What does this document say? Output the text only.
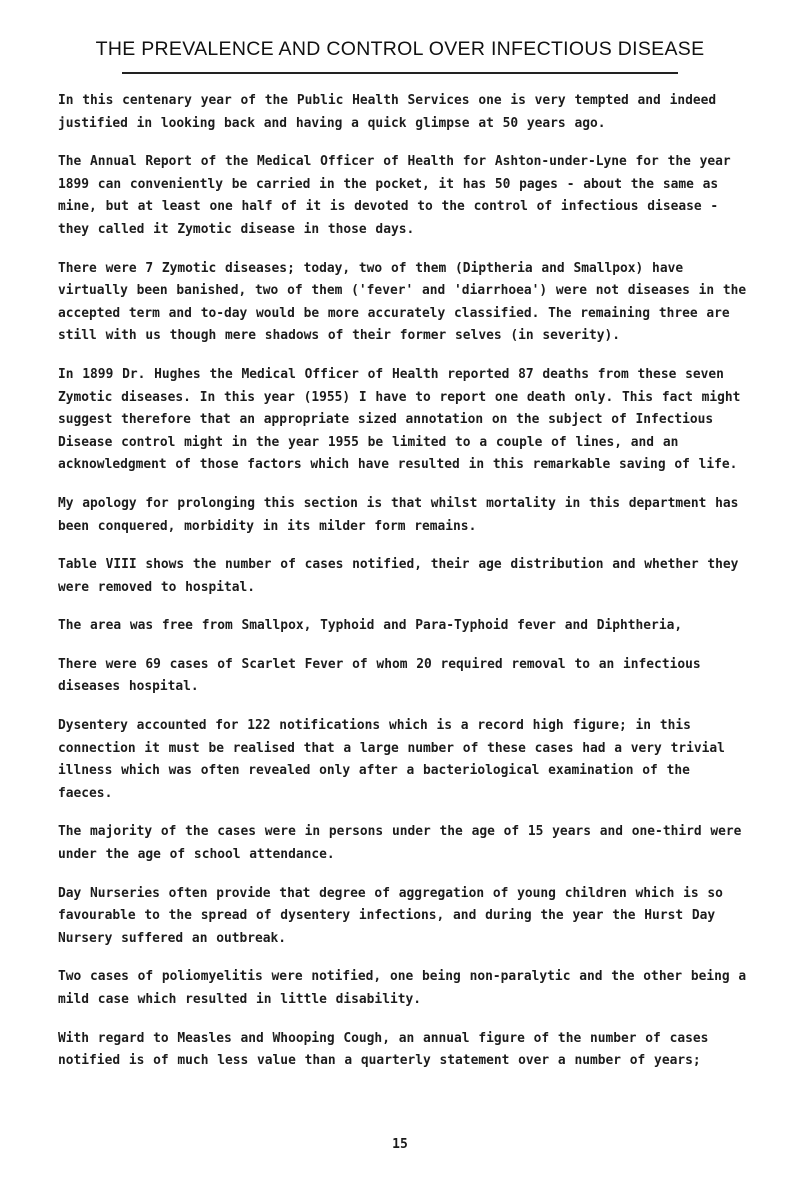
THE PREVALENCE AND CONTROL OVER INFECTIOUS DISEASE

In this centenary year of the Public Health Services one is very tempted and indeed justified in looking back and having a quick glimpse at 50 years ago.

The Annual Report of the Medical Officer of Health for Ashton-under-Lyne for the year 1899 can conveniently be carried in the pocket, it has 50 pages - about the same as mine, but at least one half of it is devoted to the control of infectious disease - they called it Zymotic disease in those days.

There were 7 Zymotic diseases; today, two of them (Diptheria and Smallpox) have virtually been banished, two of them ('fever' and 'diarrhoea') were not diseases in the accepted term and to-day would be more accurately classified. The remaining three are still with us though mere shadows of their former selves (in severity).

In 1899 Dr. Hughes the Medical Officer of Health reported 87 deaths from these seven Zymotic diseases. In this year (1955) I have to report one death only. This fact might suggest therefore that an appropriate sized annotation on the subject of Infectious Disease control might in the year 1955 be limited to a couple of lines, and an acknowledgment of those factors which have resulted in this remarkable saving of life.

My apology for prolonging this section is that whilst mortality in this department has been conquered, morbidity in its milder form remains.

Table VIII shows the number of cases notified, their age distribution and whether they were removed to hospital.

The area was free from Smallpox, Typhoid and Para-Typhoid fever and Diphtheria,

There were 69 cases of Scarlet Fever of whom 20 required removal to an infectious diseases hospital.

Dysentery accounted for 122 notifications which is a record high figure; in this connection it must be realised that a large number of these cases had a very trivial illness which was often revealed only after a bacteriological examination of the faeces.

The majority of the cases were in persons under the age of 15 years and one-third were under the age of school attendance.

Day Nurseries often provide that degree of aggregation of young children which is so favourable to the spread of dysentery infections, and during the year the Hurst Day Nursery suffered an outbreak.

Two cases of poliomyelitis were notified, one being non-paralytic and the other being a mild case which resulted in little disability.

With regard to Measles and Whooping Cough, an annual figure of the number of cases notified is of much less value than a quarterly statement over a number of years;

15
